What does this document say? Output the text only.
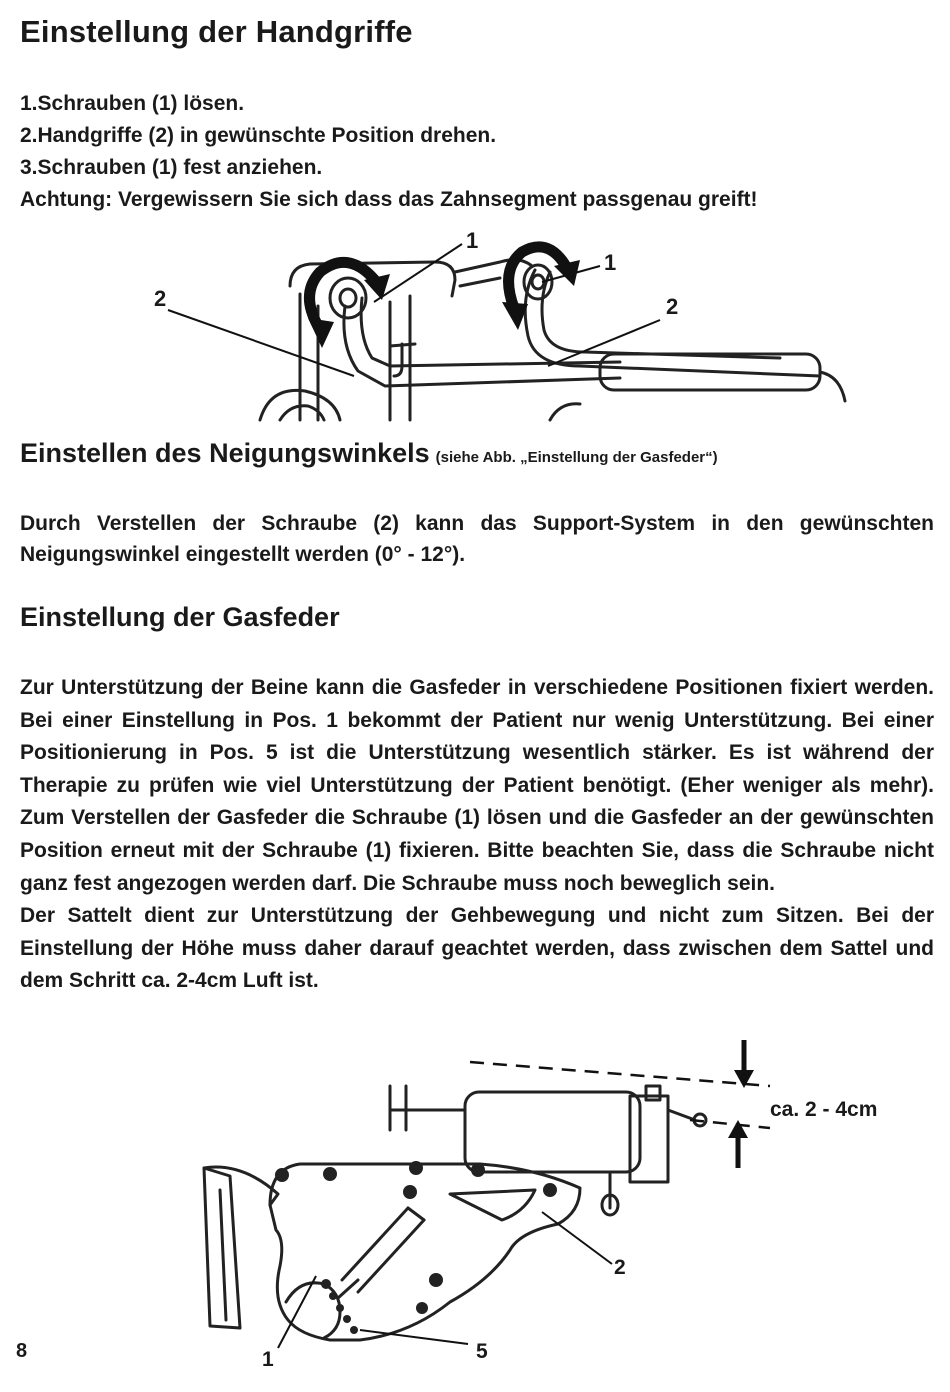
Einstellung der Handgriffe
1.Schrauben (1) lösen.
2.Handgriffe (2) in gewünschte Position drehen.
3.Schrauben (1) fest anziehen.
Achtung: Vergewissern Sie sich dass das Zahnsegment passgenau greift!
1
1
2	2
Einstellen des Neigungswinkels (siehe Abb. „Einstellung der Gasfeder“)
Durch Verstellen der Schraube (2) kann das Support-System in den gewünschten Neigungswinkel eingestellt werden (0° - 12°).
Einstellung der Gasfeder
Zur Unterstützung der Beine kann die Gasfeder in verschiedene Positionen fixiert werden. Bei einer Einstellung in Pos. 1 bekommt der Patient nur wenig Unterstützung. Bei einer Positionierung in Pos. 5 ist die Unterstützung wesentlich stärker. Es ist während der Therapie zu prüfen wie viel Unterstützung der Patient benötigt. (Eher weniger als mehr). Zum Verstellen der Gasfeder die Schraube (1) lösen und die Gasfeder an der gewünschten Position erneut mit der Schraube (1) fixieren. Bitte beachten Sie, dass die Schraube nicht ganz fest angezogen werden darf. Die Schraube muss noch beweglich sein.
Der Sattelt dient zur Unterstützung der Gehbewegung und nicht zum Sitzen. Bei der Einstellung der Höhe muss daher darauf geachtet werden, dass zwischen dem Sattel und dem Schritt ca. 2-4cm Luft ist.
ca. 2 - 4cm
2
1	5
8
